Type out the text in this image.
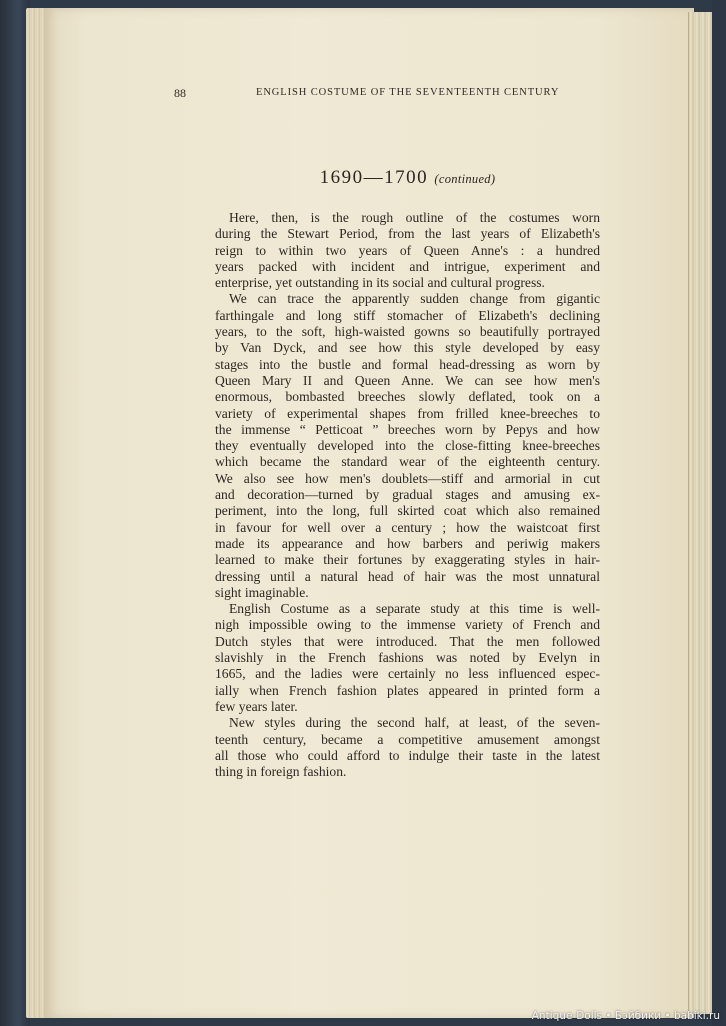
88	ENGLISH COSTUME OF THE SEVENTEENTH CENTURY
1690—1700 (continued)
Here, then, is the rough outline of the costumes worn
during the Stewart Period, from the last years of Elizabeth's
reign to within two years of Queen Anne's : a hundred
years packed with incident and intrigue, experiment and
enterprise, yet outstanding in its social and cultural progress.
We can trace the apparently sudden change from gigantic
farthingale and long stiff stomacher of Elizabeth's declining
years, to the soft, high-waisted gowns so beautifully portrayed
by Van Dyck, and see how this style developed by easy
stages into the bustle and formal head-dressing as worn by
Queen Mary II and Queen Anne. We can see how men's
enormous, bombasted breeches slowly deflated, took on a
variety of experimental shapes from frilled knee-breeches to
the immense “ Petticoat ” breeches worn by Pepys and how
they eventually developed into the close-fitting knee-breeches
which became the standard wear of the eighteenth century.
We also see how men's doublets—stiff and armorial in cut
and decoration—turned by gradual stages and amusing ex-
periment, into the long, full skirted coat which also remained
in favour for well over a century ; how the waistcoat first
made its appearance and how barbers and periwig makers
learned to make their fortunes by exaggerating styles in hair-
dressing until a natural head of hair was the most unnatural
sight imaginable.
English Costume as a separate study at this time is well-
nigh impossible owing to the immense variety of French and
Dutch styles that were introduced. That the men followed
slavishly in the French fashions was noted by Evelyn in
1665, and the ladies were certainly no less influenced espec-
ially when French fashion plates appeared in printed form a
few years later.
New styles during the second half, at least, of the seven-
teenth century, became a competitive amusement amongst
all those who could afford to indulge their taste in the latest
thing in foreign fashion.
Antique-Dolls • Бэйбики • babiki.ru
